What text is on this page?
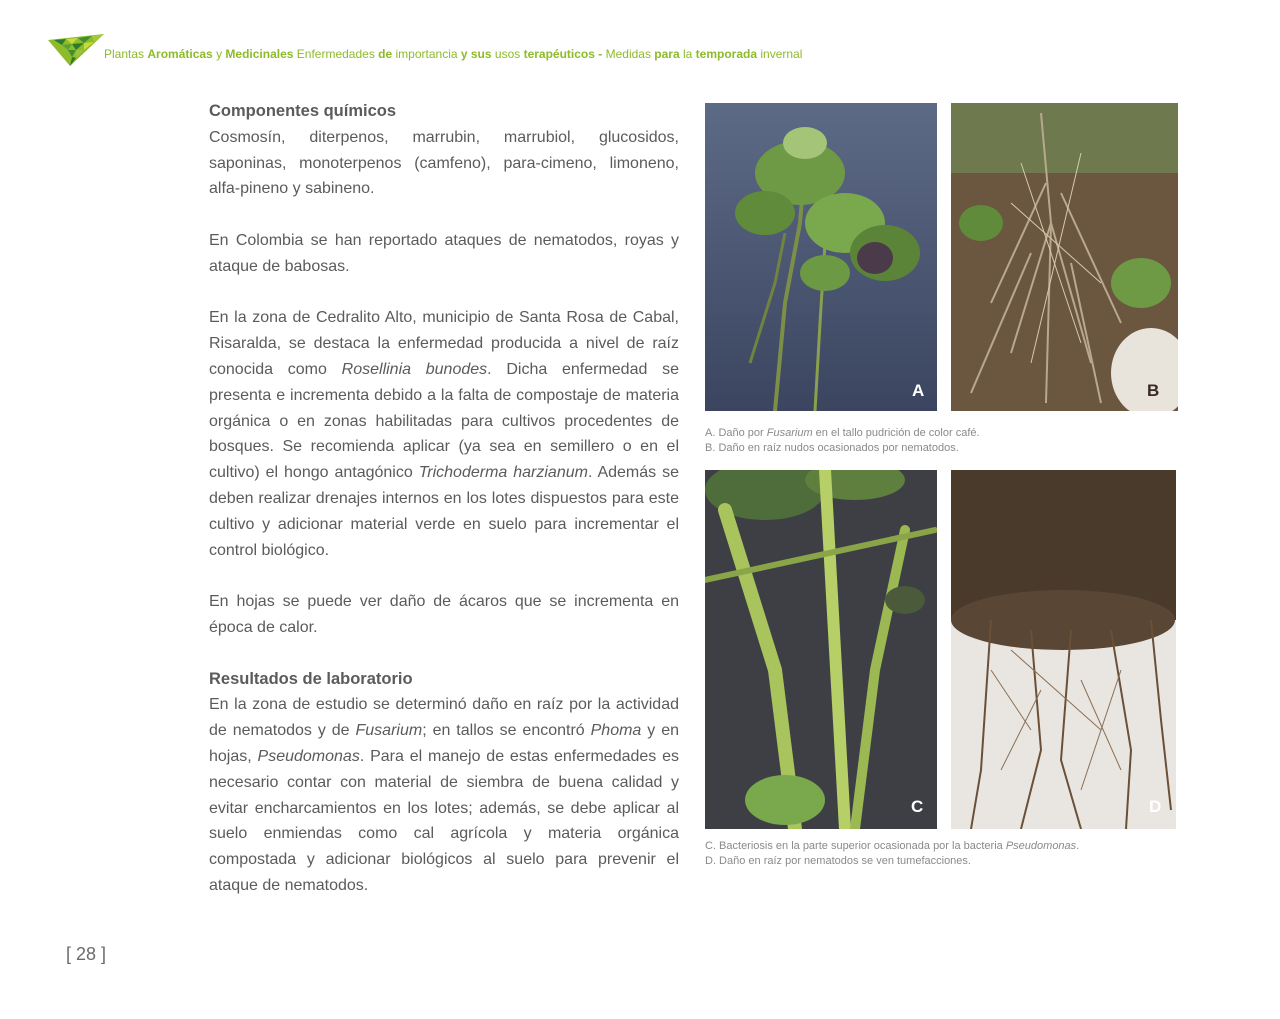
Plantas Aromáticas y Medicinales Enfermedades de importancia y sus usos terapéuticos - Medidas para la temporada invernal
Componentes químicos

Cosmosín, diterpenos, marrubin, marrubiol, glucosidos, saponinas, monoterpenos (camfeno), para-cimeno, limoneno, alfa-pineno y sabineno.

En Colombia se han reportado ataques de nematodos, royas y ataque de babosas.

En la zona de Cedralito Alto, municipio de Santa Rosa de Cabal, Risaralda, se destaca la enfermedad producida a nivel de raíz conocida como Rosellinia bunodes. Dicha enfermedad se presenta e incrementa debido a la falta de compostaje de materia orgánica o en zonas habilitadas para cultivos procedentes de bosques. Se recomienda aplicar (ya sea en semillero o en el cultivo) el hongo antagónico Trichoderma harzianum. Además se deben realizar drenajes internos en los lotes dispuestos para este cultivo y adicionar material verde en suelo para incrementar el control biológico.

En hojas se puede ver daño de ácaros que se incrementa en época de calor.

Resultados de laboratorio

En la zona de estudio se determinó daño en raíz por la actividad de nematodos y de Fusarium; en tallos se encontró Phoma y en hojas, Pseudomonas. Para el manejo de estas enfermedades es necesario contar con material de siembra de buena calidad y evitar encharcamientos en los lotes; además, se debe aplicar al suelo enmiendas como cal agrícola y materia orgánica compostada y adicionar biológicos al suelo para prevenir el ataque de nematodos.

A	B
A. Daño por Fusarium en el tallo pudrición de color café.
B. Daño en raíz nudos ocasionados por nematodos.
C	D
C. Bacteriosis en la parte superior ocasionada por la bacteria Pseudomonas.
D. Daño en raíz por nematodos se ven tumefacciones.
[ 28 ]
